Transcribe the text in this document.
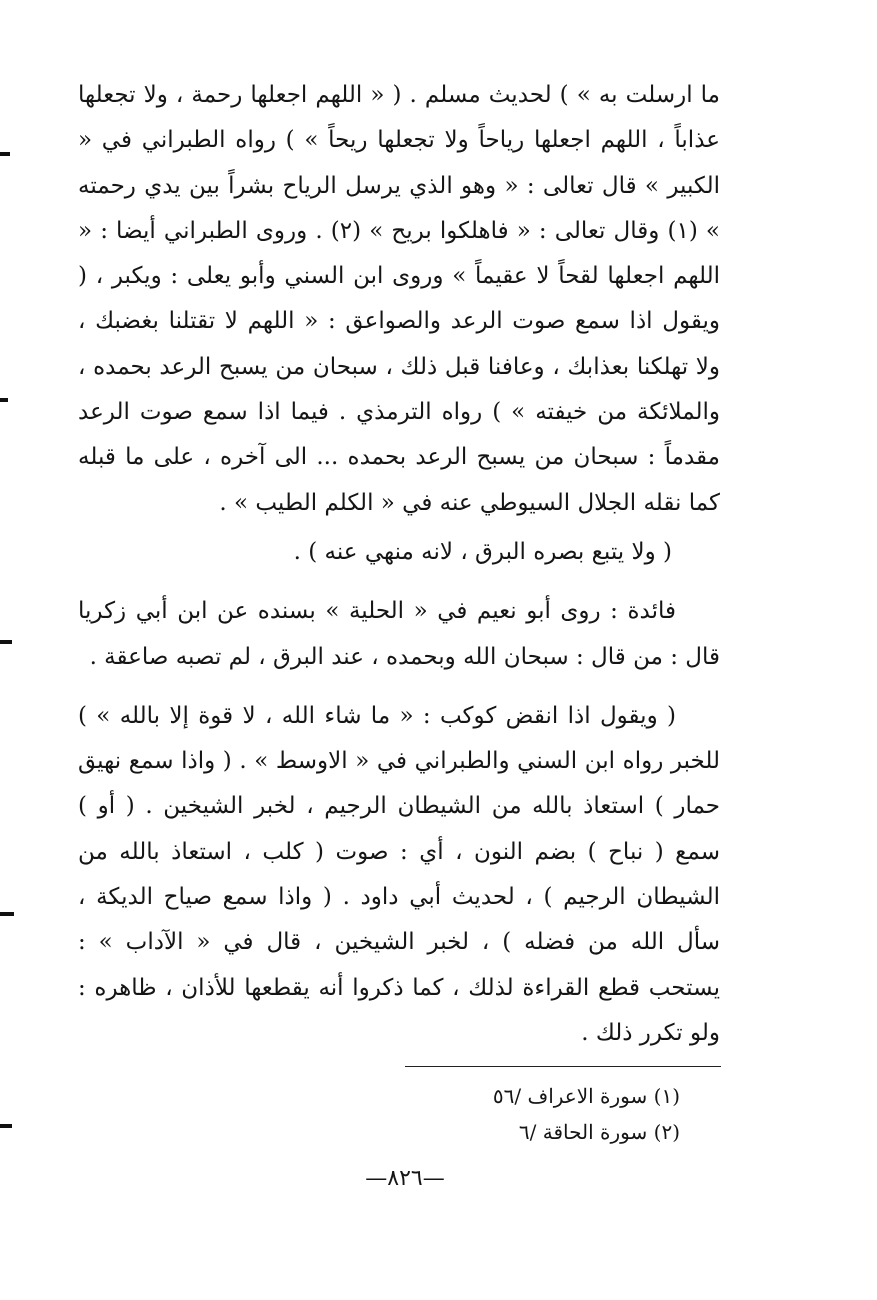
ما ارسلت به » ) لحديث مسلم . ( « اللهم اجعلها رحمة ، ولا تجعلها عذاباً ، اللهم اجعلها رياحاً ولا تجعلها ريحاً » ) رواه الطبراني في « الكبير » قال تعالى : « وهو الذي يرسل الرياح بشراً بين يدي رحمته » (١) وقال تعالى : « فاهلكوا بريح » (٢) . وروى الطبراني أيضا : « اللهم اجعلها لقحاً لا عقيماً » وروى ابن السني وأبو يعلى : ويكبر ، ( ويقول اذا سمع صوت الرعد والصواعق : « اللهم لا تقتلنا بغضبك ، ولا تهلكنا بعذابك ، وعافنا قبل ذلك ، سبحان من يسبح الرعد بحمده ، والملائكة من خيفته » ) رواه الترمذي . فيما اذا سمع صوت الرعد مقدماً : سبحان من يسبح الرعد بحمده ... الى آخره ، على ما قبله كما نقله الجلال السيوطي عنه في « الكلم الطيب » .

( ولا يتبع بصره البرق ، لانه منهي عنه ) .

فائدة : روى أبو نعيم في « الحلية » بسنده عن ابن أبي زكريا قال : من قال : سبحان الله وبحمده ، عند البرق ، لم تصبه صاعقة .

( ويقول اذا انقض كوكب : « ما شاء الله ، لا قوة إلا بالله » ) للخبر رواه ابن السني والطبراني في « الاوسط » . ( واذا سمع نهيق حمار ) استعاذ بالله من الشيطان الرجيم ، لخبر الشيخين . ( أو ) سمع ( نباح ) بضم النون ، أي : صوت ( كلب ، استعاذ بالله من الشيطان الرجيم ) ، لحديث أبي داود . ( واذا سمع صياح الديكة ، سأل الله من فضله ) ، لخبر الشيخين ، قال في « الآداب » : يستحب قطع القراءة لذلك ، كما ذكروا أنه يقطعها للأذان ، ظاهره : ولو تكرر ذلك .

(١) سورة الاعراف /٥٦

(٢) سورة الحاقة /٦

—٨٢٦—
